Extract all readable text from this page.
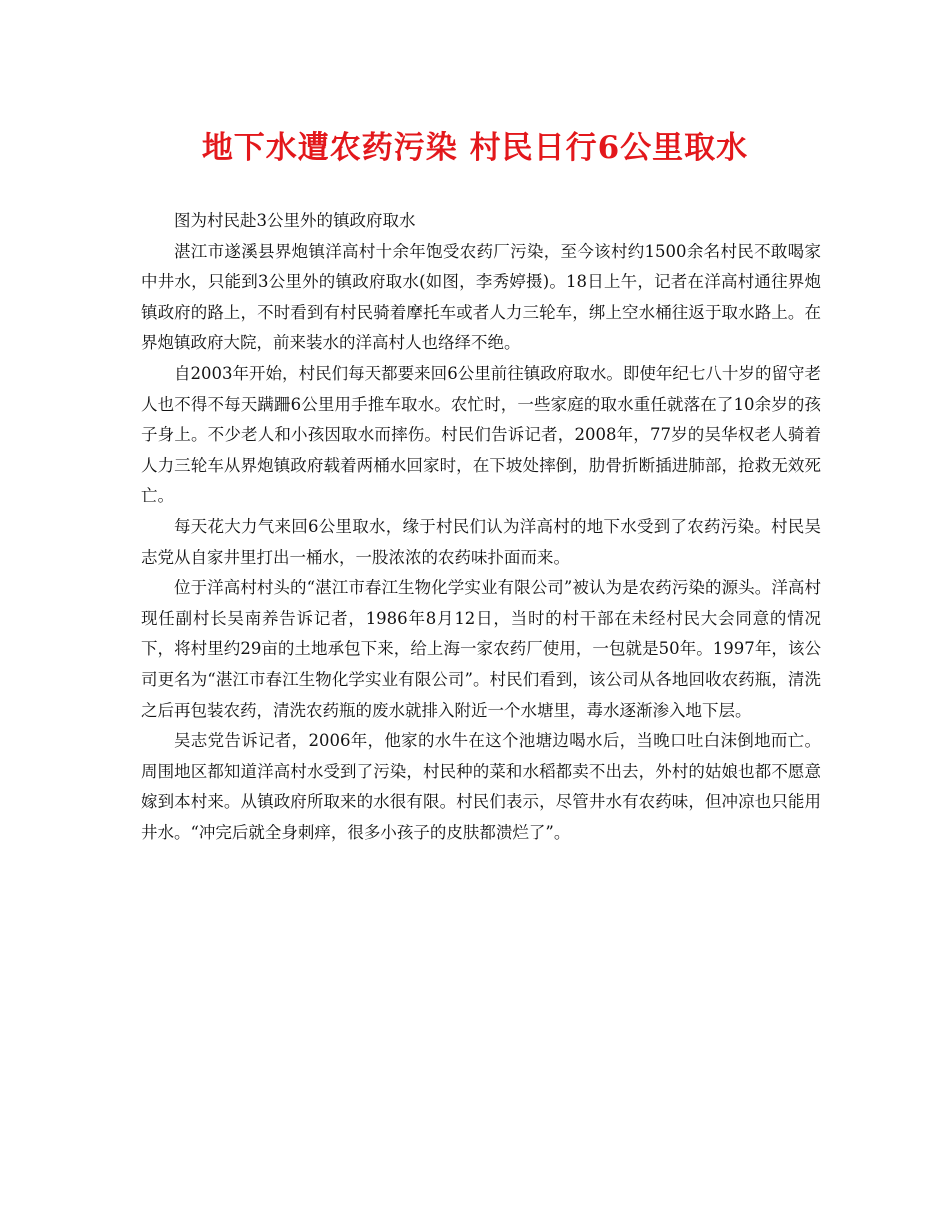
地下水遭农药污染 村民日行6公里取水

图为村民赴3公里外的镇政府取水

湛江市遂溪县界炮镇洋高村十余年饱受农药厂污染，至今该村约1500余名村民不敢喝家中井水，只能到3公里外的镇政府取水(如图，李秀婷摄)。18日上午，记者在洋高村通往界炮镇政府的路上，不时看到有村民骑着摩托车或者人力三轮车，绑上空水桶往返于取水路上。在界炮镇政府大院，前来装水的洋高村人也络绎不绝。

自2003年开始，村民们每天都要来回6公里前往镇政府取水。即使年纪七八十岁的留守老人也不得不每天蹒跚6公里用手推车取水。农忙时，一些家庭的取水重任就落在了10余岁的孩子身上。不少老人和小孩因取水而摔伤。村民们告诉记者，2008年，77岁的吴华权老人骑着人力三轮车从界炮镇政府载着两桶水回家时，在下坡处摔倒，肋骨折断插进肺部，抢救无效死亡。

每天花大力气来回6公里取水，缘于村民们认为洋高村的地下水受到了农药污染。村民吴志党从自家井里打出一桶水，一股浓浓的农药味扑面而来。

位于洋高村村头的“湛江市春江生物化学实业有限公司”被认为是农药污染的源头。洋高村现任副村长吴南养告诉记者，1986年8月12日，当时的村干部在未经村民大会同意的情况下，将村里约29亩的土地承包下来，给上海一家农药厂使用，一包就是50年。1997年，该公司更名为“湛江市春江生物化学实业有限公司”。村民们看到，该公司从各地回收农药瓶，清洗之后再包装农药，清洗农药瓶的废水就排入附近一个水塘里，毒水逐渐渗入地下层。

吴志党告诉记者，2006年，他家的水牛在这个池塘边喝水后，当晚口吐白沫倒地而亡。周围地区都知道洋高村水受到了污染，村民种的菜和水稻都卖不出去，外村的姑娘也都不愿意嫁到本村来。从镇政府所取来的水很有限。村民们表示，尽管井水有农药味，但冲凉也只能用井水。“冲完后就全身刺痒，很多小孩子的皮肤都溃烂了”。
